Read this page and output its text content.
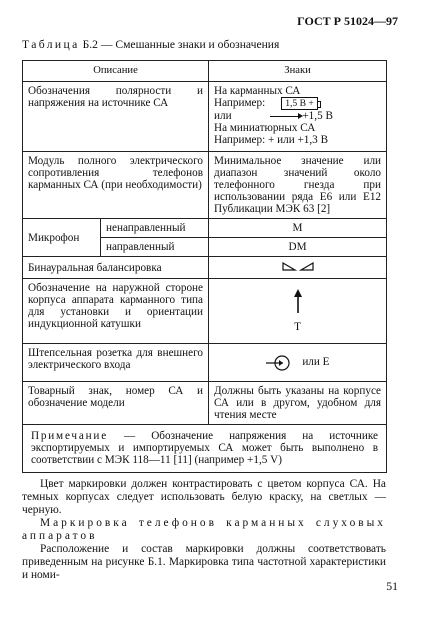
ГОСТ Р 51024—97
Таблица Б.2 — Смешанные знаки и обозначения
Описание		Знаки
Обозначения полярности и напряжения на источнике СА		На карманных СА
Например: 1,5 В +
или +1,5 В
На миниатюрных СА
Например: + или +1,3 В

Модуль полного электрического сопротивления телефонов карманных СА (при необходимости)		Минимальное значение или диапазон значений около телефонного гнезда при использовании ряда Е6 или Е12 Публикации МЭК 63 [2]
Микрофон	ненаправленный	M
	направленный	DM
Бинауральная балансировка	
Обозначение на наружной стороне корпуса аппарата карманного типа для установки и ориентации индукционной катушки		T

Штепсельная розетка для внешнего электрического входа		или Е
Товарный знак, номер СА и обозначение модели		Должны быть указаны на корпусе СА или в другом, удобном для чтения месте
Примечание — Обозначение напряжения на источнике экспортируемых и импортируемых СА может быть выполнено в соответствии с МЭК 118—11 [11] (например +1,5 V)		

Цвет маркировки должен контрастировать с цветом корпуса СА. На темных корпусах следует использовать белую краску, на светлых — черную.

Маркировка телефонов карманных слуховых аппаратов

Расположение и состав маркировки должны соответствовать приведенным на рисунке Б.1. Маркировка типа частотной характеристики и номи-

51
